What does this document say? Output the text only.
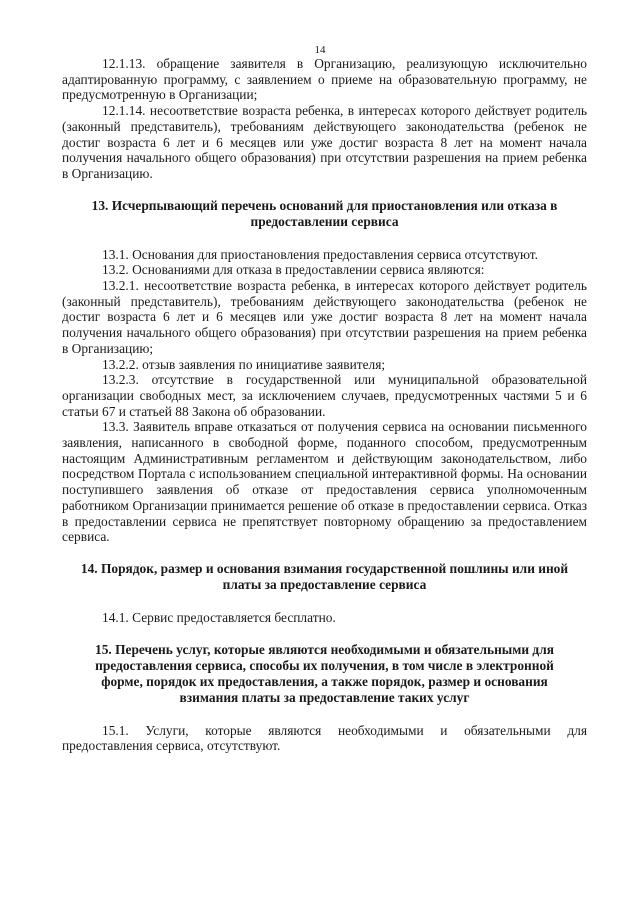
14

12.1.13. обращение заявителя в Организацию, реализующую исключительно адаптированную программу, с заявлением о приеме на образовательную программу, не предусмотренную в Организации;

12.1.14. несоответствие возраста ребенка, в интересах которого действует родитель (законный представитель), требованиям действующего законодательства (ребенок не достиг возраста 6 лет и 6 месяцев или уже достиг возраста 8 лет на момент начала получения начального общего образования) при отсутствии разрешения на прием ребенка в Организацию.

13. Исчерпывающий перечень оснований для приостановления или отказа в предоставлении сервиса

13.1. Основания для приостановления предоставления сервиса отсутствуют.

13.2. Основаниями для отказа в предоставлении сервиса являются:

13.2.1. несоответствие возраста ребенка, в интересах которого действует родитель (законный представитель), требованиям действующего законодательства (ребенок не достиг возраста 6 лет и 6 месяцев или уже достиг возраста 8 лет на момент начала получения начального общего образования) при отсутствии разрешения на прием ребенка в Организацию;

13.2.2. отзыв заявления по инициативе заявителя;

13.2.3. отсутствие в государственной или муниципальной образовательной организации свободных мест, за исключением случаев, предусмотренных частями 5 и 6 статьи 67 и статьей 88 Закона об образовании.

13.3. Заявитель вправе отказаться от получения сервиса на основании письменного заявления, написанного в свободной форме, поданного способом, предусмотренным настоящим Административным регламентом и действующим законодательством, либо посредством Портала с использованием специальной интерактивной формы. На основании поступившего заявления об отказе от предоставления сервиса уполномоченным работником Организации принимается решение об отказе в предоставлении сервиса. Отказ в предоставлении сервиса не препятствует повторному обращению за предоставлением сервиса.

14. Порядок, размер и основания взимания государственной пошлины или иной платы за предоставление сервиса

14.1. Сервис предоставляется бесплатно.

15. Перечень услуг, которые являются необходимыми и обязательными для предоставления сервиса, способы их получения, в том числе в электронной форме, порядок их предоставления, а также порядок, размер и основания взимания платы за предоставление таких услуг

15.1. Услуги, которые являются необходимыми и обязательными для предоставления сервиса, отсутствуют.
